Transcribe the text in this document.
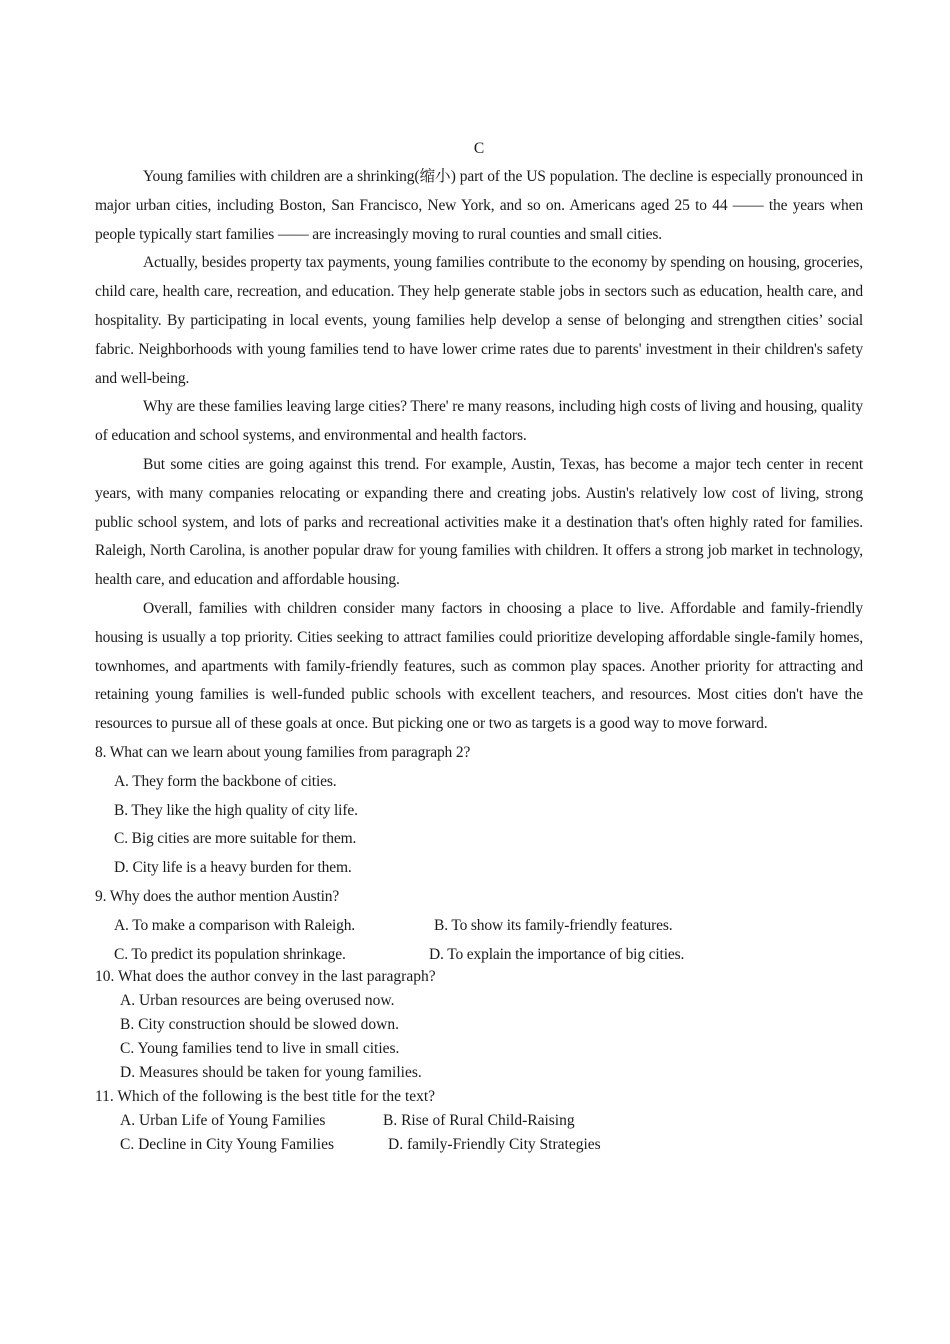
C

Young families with children are a shrinking(缩小) part of the US population. The decline is especially pronounced in major urban cities, including Boston, San Francisco, New York, and so on. Americans aged 25 to 44 —— the years when people typically start families —— are increasingly moving to rural counties and small cities.

Actually, besides property tax payments, young families contribute to the economy by spending on housing, groceries, child care, health care, recreation, and education. They help generate stable jobs in sectors such as education, health care, and hospitality. By participating in local events, young families help develop a sense of belonging and strengthen cities’ social fabric. Neighborhoods with young families tend to have lower crime rates due to parents' investment in their children's safety and well-being.

Why are these families leaving large cities? There' re many reasons, including high costs of living and housing, quality of education and school systems, and environmental and health factors.

But some cities are going against this trend. For example, Austin, Texas, has become a major tech center in recent years, with many companies relocating or expanding there and creating jobs. Austin's relatively low cost of living, strong public school system, and lots of parks and recreational activities make it a destination that's often highly rated for families. Raleigh, North Carolina, is another popular draw for young families with children. It offers a strong job market in technology, health care, and education and affordable housing.

Overall, families with children consider many factors in choosing a place to live. Affordable and family-friendly housing is usually a top priority. Cities seeking to attract families could prioritize developing affordable single-family homes, townhomes, and apartments with family-friendly features, such as common play spaces. Another priority for attracting and retaining young families is well-funded public schools with excellent teachers, and resources. Most cities don't have the resources to pursue all of these goals at once. But picking one or two as targets is a good way to move forward.

8. What can we learn about young families from paragraph 2?
A. They form the backbone of cities.
B. They like the high quality of city life.
C. Big cities are more suitable for them.
D. City life is a heavy burden for them.
9. Why does the author mention Austin?
A. To make a comparison with Raleigh.	B. To show its family-friendly features.
C. To predict its population shrinkage.	D. To explain the importance of big cities.
10. What does the author convey in the last paragraph?
A. Urban resources are being overused now.
B. City construction should be slowed down.
C. Young families tend to live in small cities.
D. Measures should be taken for young families.
11. Which of the following is the best title for the text?
A. Urban Life of Young Families	B. Rise of Rural Child-Raising
C. Decline in City Young Families	D. family-Friendly City Strategies
